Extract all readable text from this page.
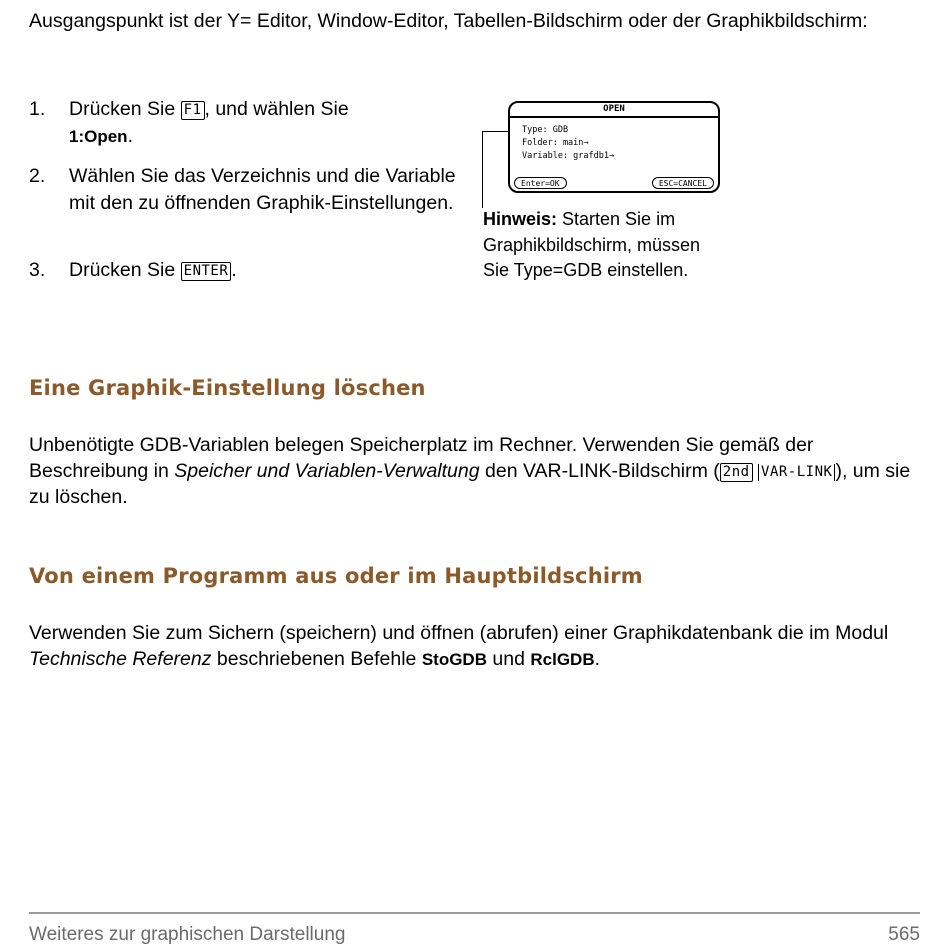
Ausgangspunkt ist der Y= Editor, Window-Editor, Tabellen-Bildschirm oder der Graphikbildschirm:

1. Drücken Sie F1 , und wählen Sie
1:Open.
2. Wählen Sie das Verzeichnis und die Variable mit den zu öffnenden Graphik-Einstellungen.
3. Drücken Sie ENTER .
OPEN
Type: GDB
Folder: main→
Variable: grafdb1→
Enter=OK	ESC=CANCEL

Hinweis: Starten Sie im Graphikbildschirm, müssen Sie Type=GDB einstellen.

Eine Graphik-Einstellung löschen

Unbenötigte GDB-Variablen belegen Speicherplatz im Rechner. Verwenden Sie gemäß der Beschreibung in Speicher und Variablen-Verwaltung den VAR-LINK-Bildschirm ( 2nd VAR-LINK ), um sie zu löschen.

Von einem Programm aus oder im Hauptbildschirm

Verwenden Sie zum Sichern (speichern) und öffnen (abrufen) einer Graphikdatenbank die im Modul Technische Referenz beschriebenen Befehle StoGDB und RclGDB.

Weiteres zur graphischen Darstellung	565
